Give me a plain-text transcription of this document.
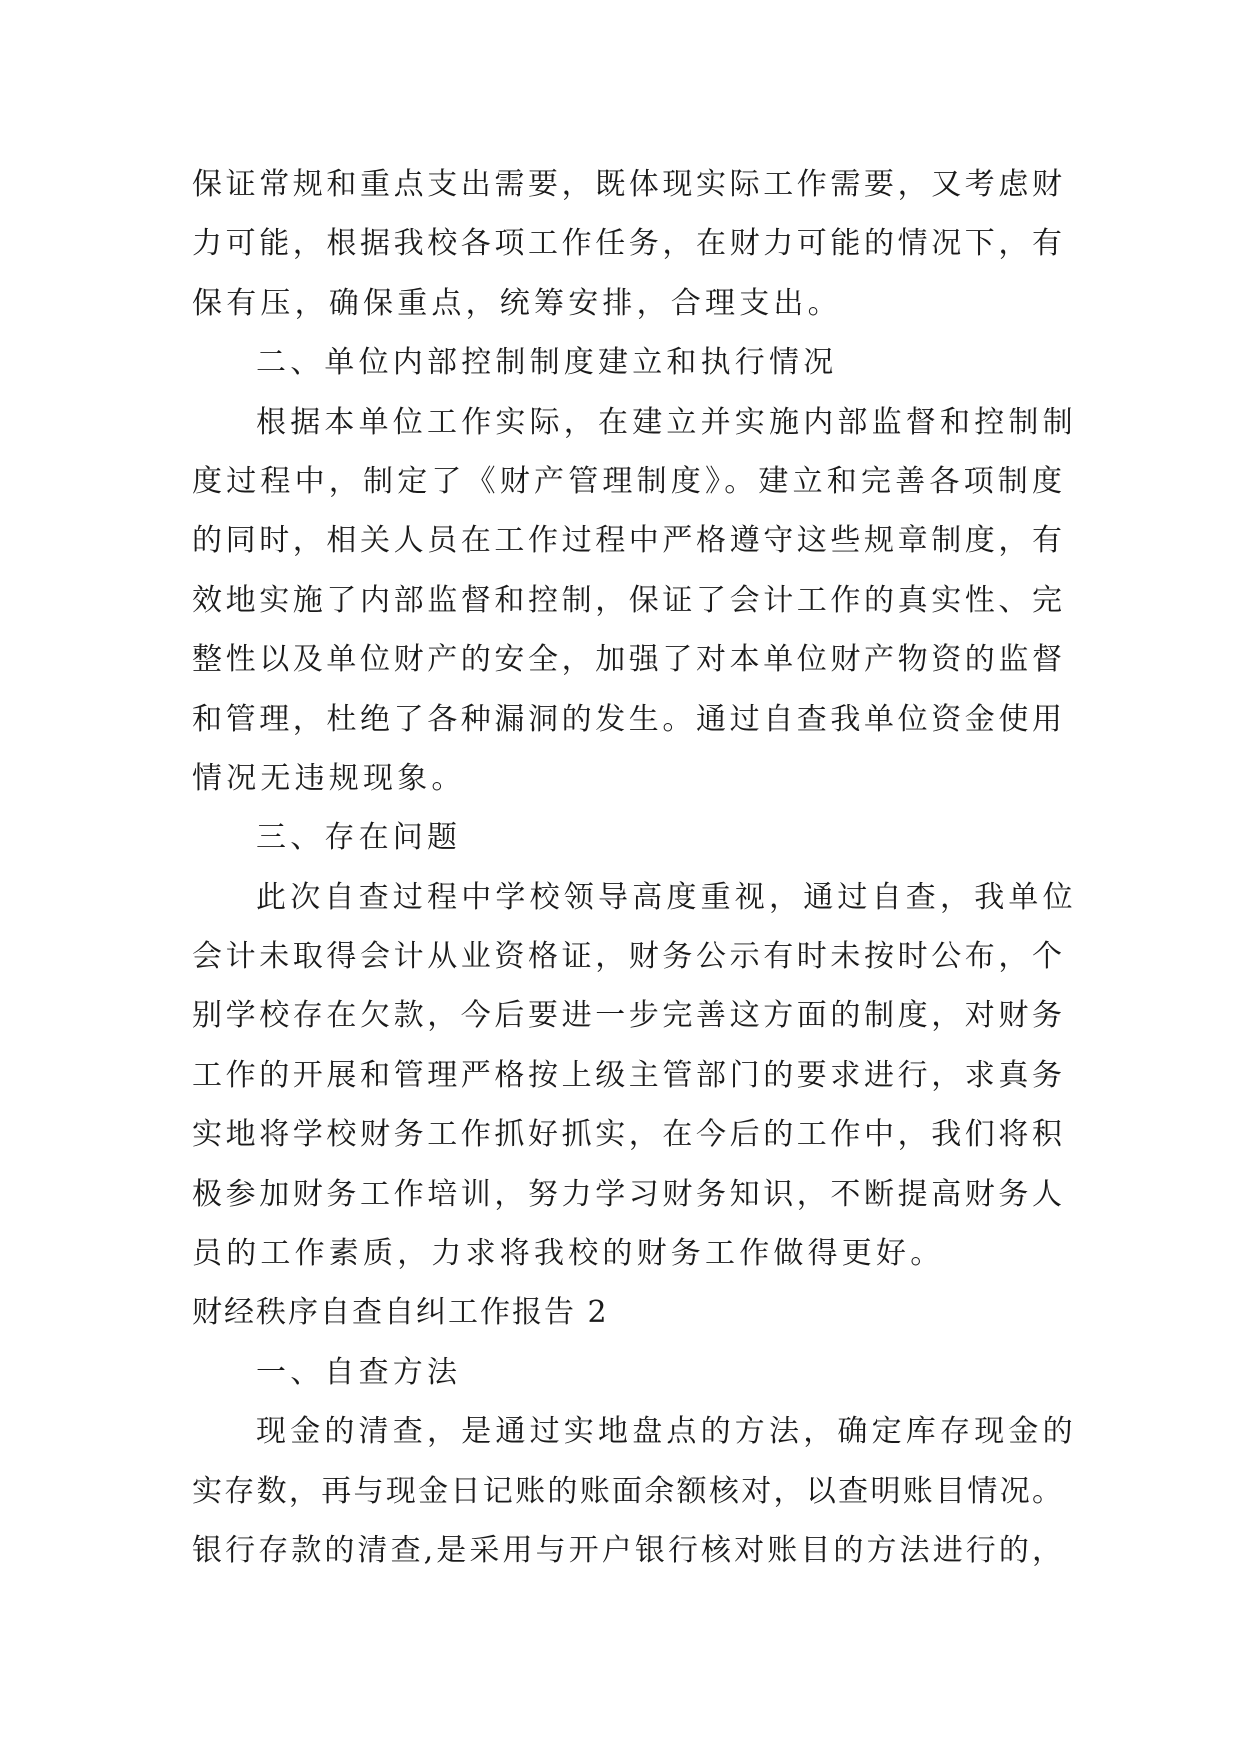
保证常规和重点支出需要，既体现实际工作需要，又考虑财
力可能，根据我校各项工作任务，在财力可能的情况下，有
保有压，确保重点，统筹安排，合理支出。
二、单位内部控制制度建立和执行情况
根据本单位工作实际，在建立并实施内部监督和控制制
度过程中，制定了《财产管理制度》。建立和完善各项制度
的同时，相关人员在工作过程中严格遵守这些规章制度，有
效地实施了内部监督和控制，保证了会计工作的真实性、完
整性以及单位财产的安全，加强了对本单位财产物资的监督
和管理，杜绝了各种漏洞的发生。通过自查我单位资金使用
情况无违规现象。
三、存在问题
此次自查过程中学校领导高度重视，通过自查，我单位
会计未取得会计从业资格证，财务公示有时未按时公布，个
别学校存在欠款，今后要进一步完善这方面的制度，对财务
工作的开展和管理严格按上级主管部门的要求进行，求真务
实地将学校财务工作抓好抓实，在今后的工作中，我们将积
极参加财务工作培训，努力学习财务知识，不断提高财务人
员的工作素质，力求将我校的财务工作做得更好。
财经秩序自查自纠工作报告 2
一、自查方法
现金的清查，是通过实地盘点的方法，确定库存现金的
实存数，再与现金日记账的账面余额核对，以查明账目情况。
银行存款的清查,是采用与开户银行核对账目的方法进行的，
